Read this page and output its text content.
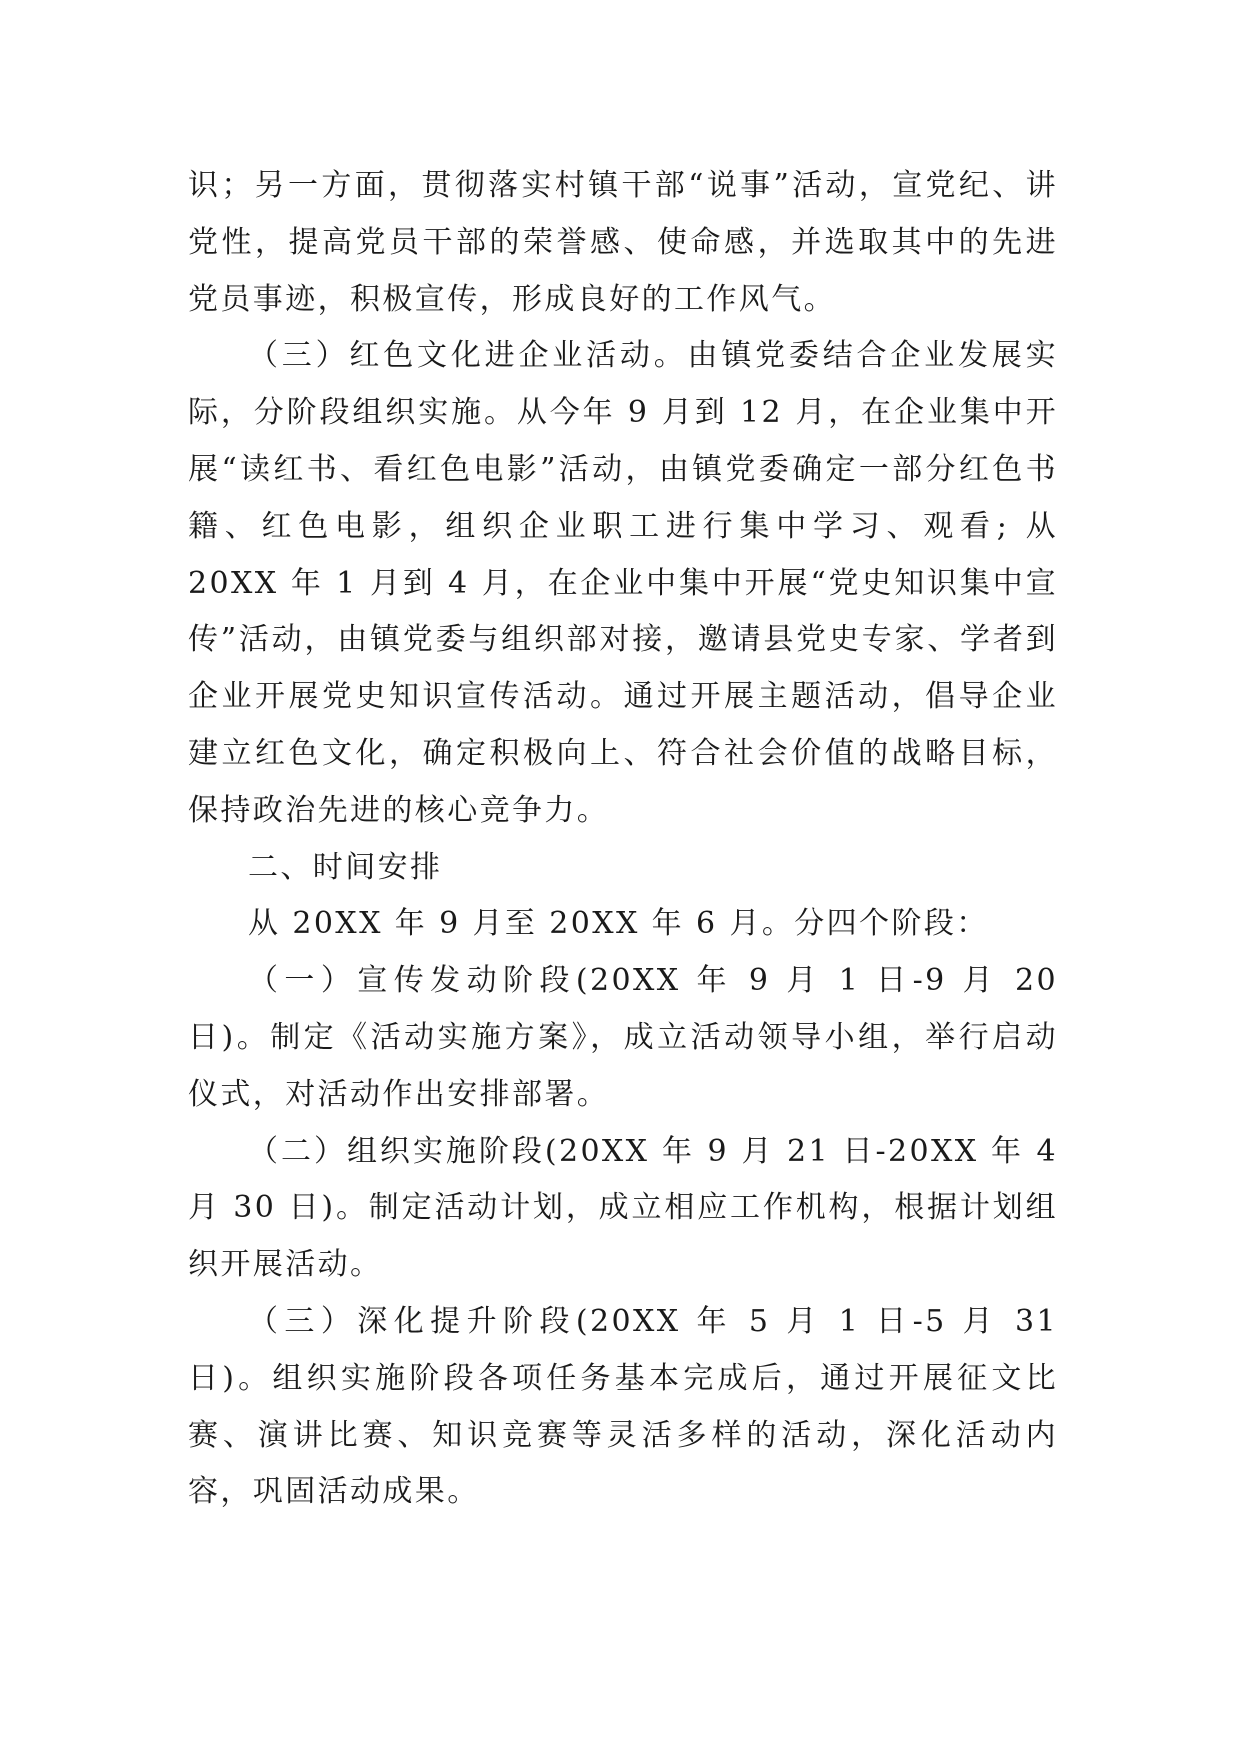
识；另一方面，贯彻落实村镇干部“说事”活动，宣党纪、讲党性，提高党员干部的荣誉感、使命感，并选取其中的先进党员事迹，积极宣传，形成良好的工作风气。

（三）红色文化进企业活动。由镇党委结合企业发展实际，分阶段组织实施。从今年 9 月到 12 月，在企业集中开展“读红书、看红色电影”活动，由镇党委确定一部分红色书籍、红色电影，组织企业职工进行集中学习、观看; 从 20XX 年 1 月到 4 月，在企业中集中开展“党史知识集中宣传”活动，由镇党委与组织部对接，邀请县党史专家、学者到企业开展党史知识宣传活动。通过开展主题活动，倡导企业建立红色文化，确定积极向上、符合社会价值的战略目标，保持政治先进的核心竞争力。

二、时间安排

从 20XX 年 9 月至 20XX 年 6 月。分四个阶段：

（一）宣传发动阶段(20XX 年 9 月 1 日-9 月 20 日)。制定《活动实施方案》，成立活动领导小组，举行启动仪式，对活动作出安排部署。

（二）组织实施阶段(20XX 年 9 月 21 日-20XX 年 4 月 30 日)。制定活动计划，成立相应工作机构，根据计划组织开展活动。

（三）深化提升阶段(20XX 年 5 月 1 日-5 月 31 日)。组织实施阶段各项任务基本完成后，通过开展征文比赛、演讲比赛、知识竞赛等灵活多样的活动，深化活动内容，巩固活动成果。
